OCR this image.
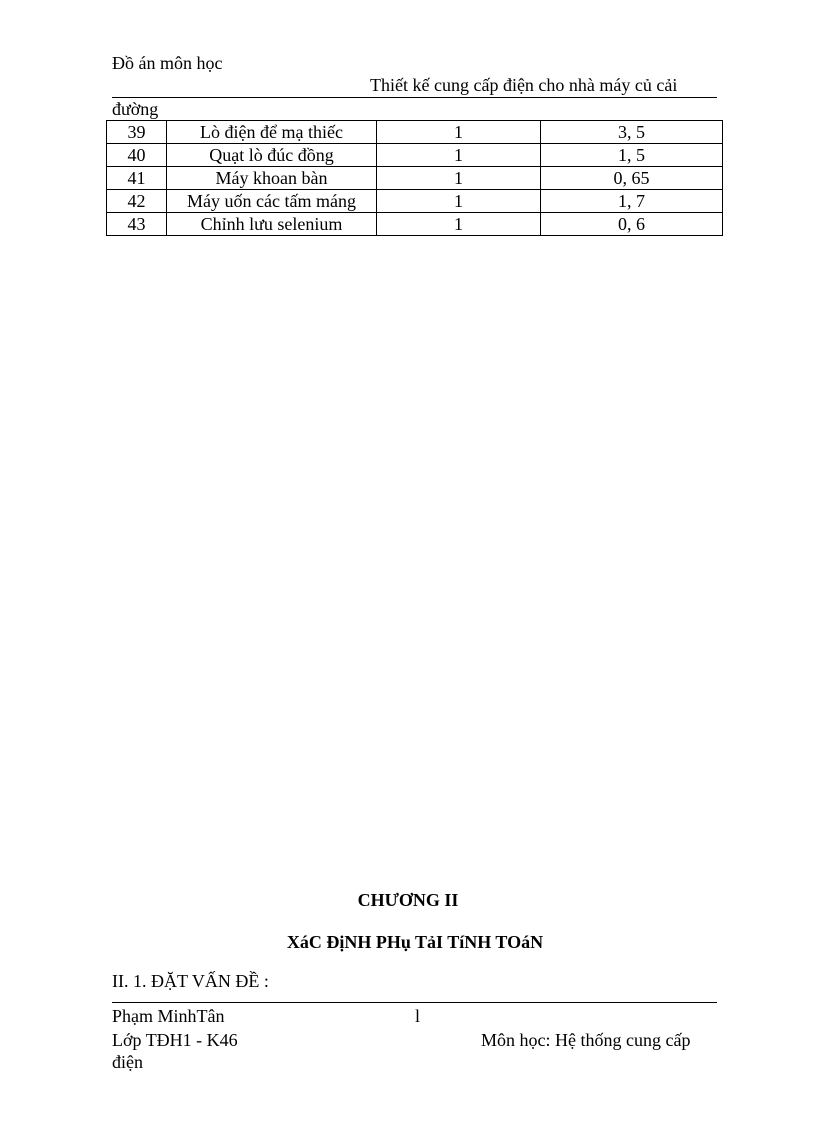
Đồ án môn học
Thiết kế cung cấp điện cho nhà máy củ cải
đường
39	Lò điện để mạ thiếc	1	3, 5
40	Quạt lò đúc đồng	1	1, 5
41	Máy khoan bàn	1	0, 65
42	Máy uốn các tấm máng	1	1, 7
43	Chỉnh lưu selenium	1	0, 6
CHƯƠNG II
XáC ĐịNH PHụ TảI TíNH TOáN
II. 1. ĐẶT VẤN ĐỀ :
Phạm MinhTân	l
Lớp TĐH1 - K46	Môn học: Hệ thống cung cấp
điện
